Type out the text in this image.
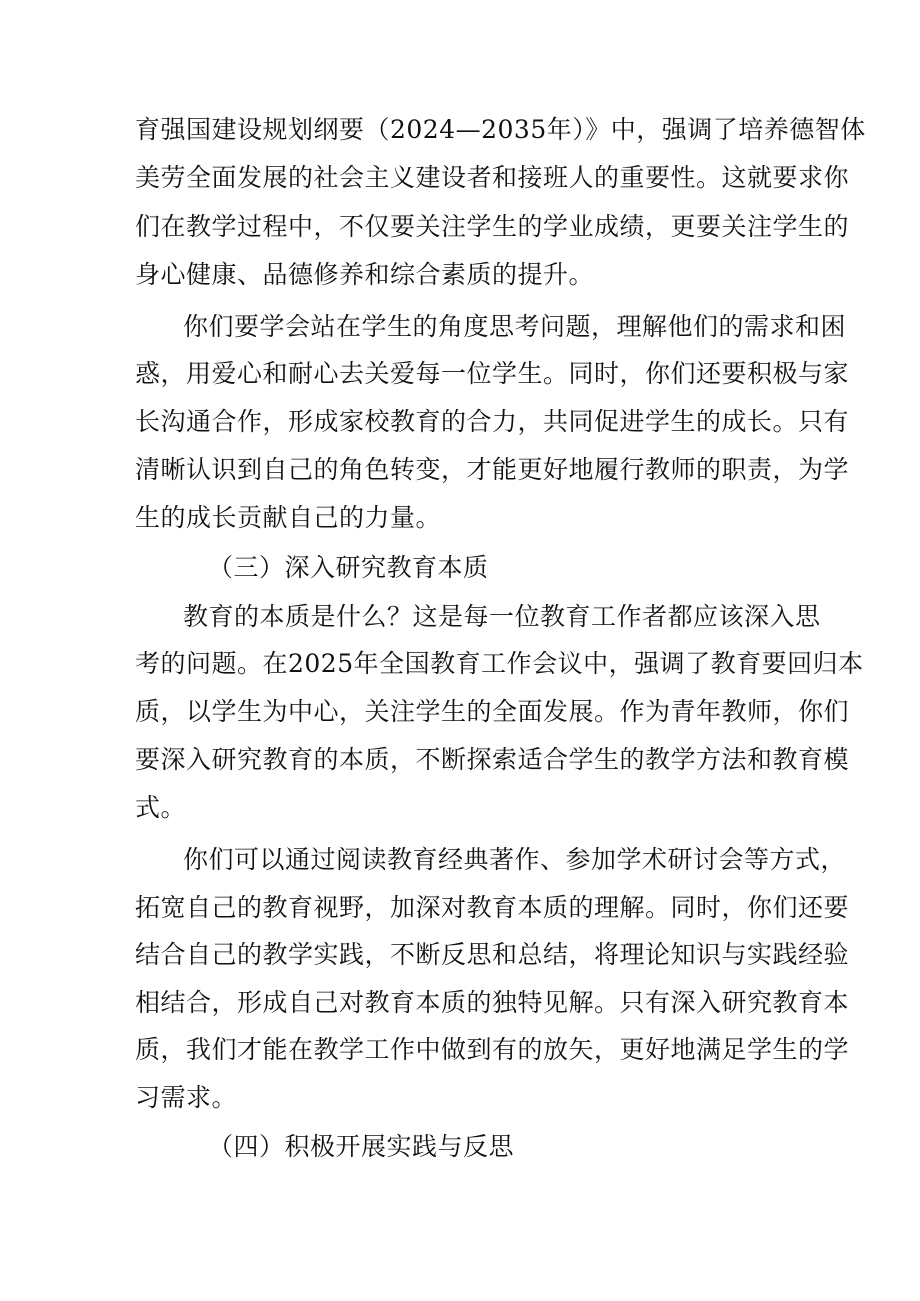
育强国建设规划纲要（2024—2035年）》中，强调了培养德智体
美劳全面发展的社会主义建设者和接班人的重要性。这就要求你
们在教学过程中，不仅要关注学生的学业成绩，更要关注学生的
身心健康、品德修养和综合素质的提升。
你们要学会站在学生的角度思考问题，理解他们的需求和困
惑，用爱心和耐心去关爱每一位学生。同时，你们还要积极与家
长沟通合作，形成家校教育的合力，共同促进学生的成长。只有
清晰认识到自己的角色转变，才能更好地履行教师的职责，为学
生的成长贡献自己的力量。
（三）深入研究教育本质
教育的本质是什么？这是每一位教育工作者都应该深入思
考的问题。在2025年全国教育工作会议中，强调了教育要回归本
质，以学生为中心，关注学生的全面发展。作为青年教师，你们
要深入研究教育的本质，不断探索适合学生的教学方法和教育模
式。
你们可以通过阅读教育经典著作、参加学术研讨会等方式，
拓宽自己的教育视野，加深对教育本质的理解。同时，你们还要
结合自己的教学实践，不断反思和总结，将理论知识与实践经验
相结合，形成自己对教育本质的独特见解。只有深入研究教育本
质，我们才能在教学工作中做到有的放矢，更好地满足学生的学
习需求。
（四）积极开展实践与反思
